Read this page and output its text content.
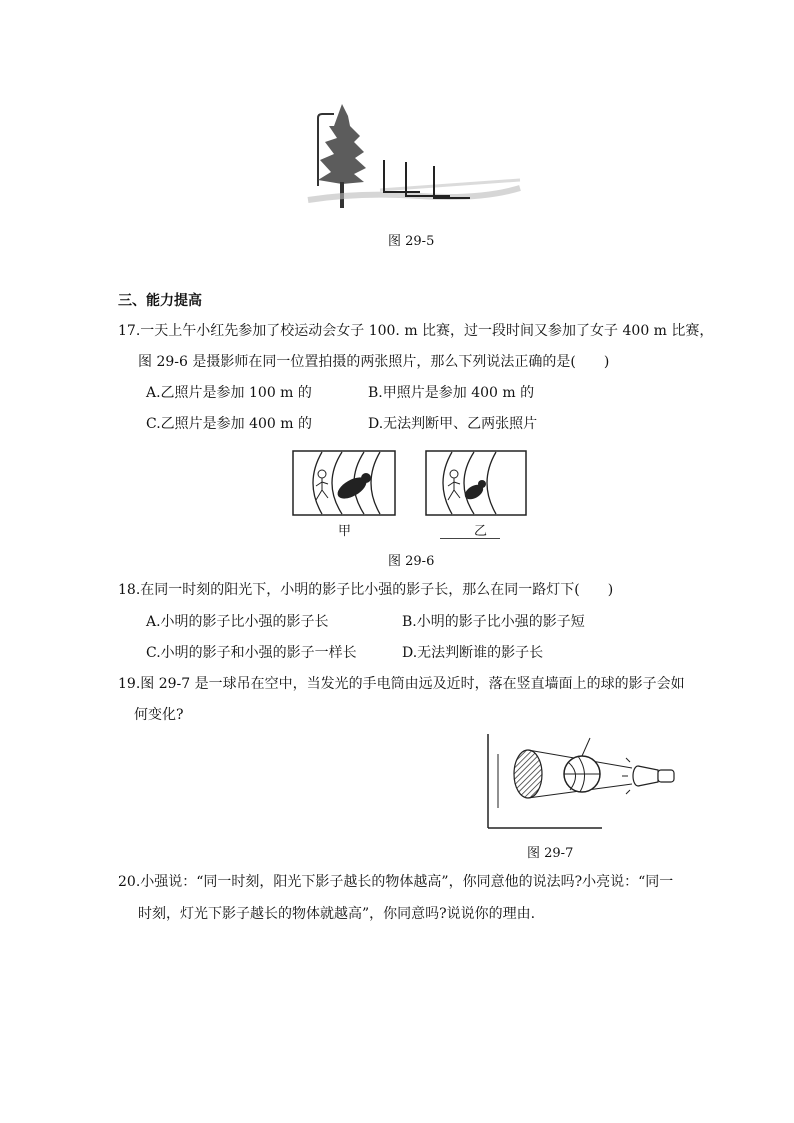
图 29-5
三、能力提高
17.一天上午小红先参加了校运动会女子 100. m 比赛，过一段时间又参加了女子 400 m 比赛，
图 29-6 是摄影师在同一位置拍摄的两张照片，那么下列说法正确的是(　　)
A.乙照片是参加 100 m 的	B.甲照片是参加 400 m 的
C.乙照片是参加 400 m 的	D.无法判断甲、乙两张照片
甲	乙
图 29-6
18.在同一时刻的阳光下，小明的影子比小强的影子长，那么在同一路灯下(　　)
A.小明的影子比小强的影子长	B.小明的影子比小强的影子短
C.小明的影子和小强的影子一样长	D.无法判断谁的影子长
19.图 29-7 是一球吊在空中，当发光的手电筒由远及近时，落在竖直墙面上的球的影子会如
何变化?
图 29-7
20.小强说：“同一时刻，阳光下影子越长的物体越高”，你同意他的说法吗?小亮说：“同一
时刻，灯光下影子越长的物体就越高”，你同意吗?说说你的理由.
